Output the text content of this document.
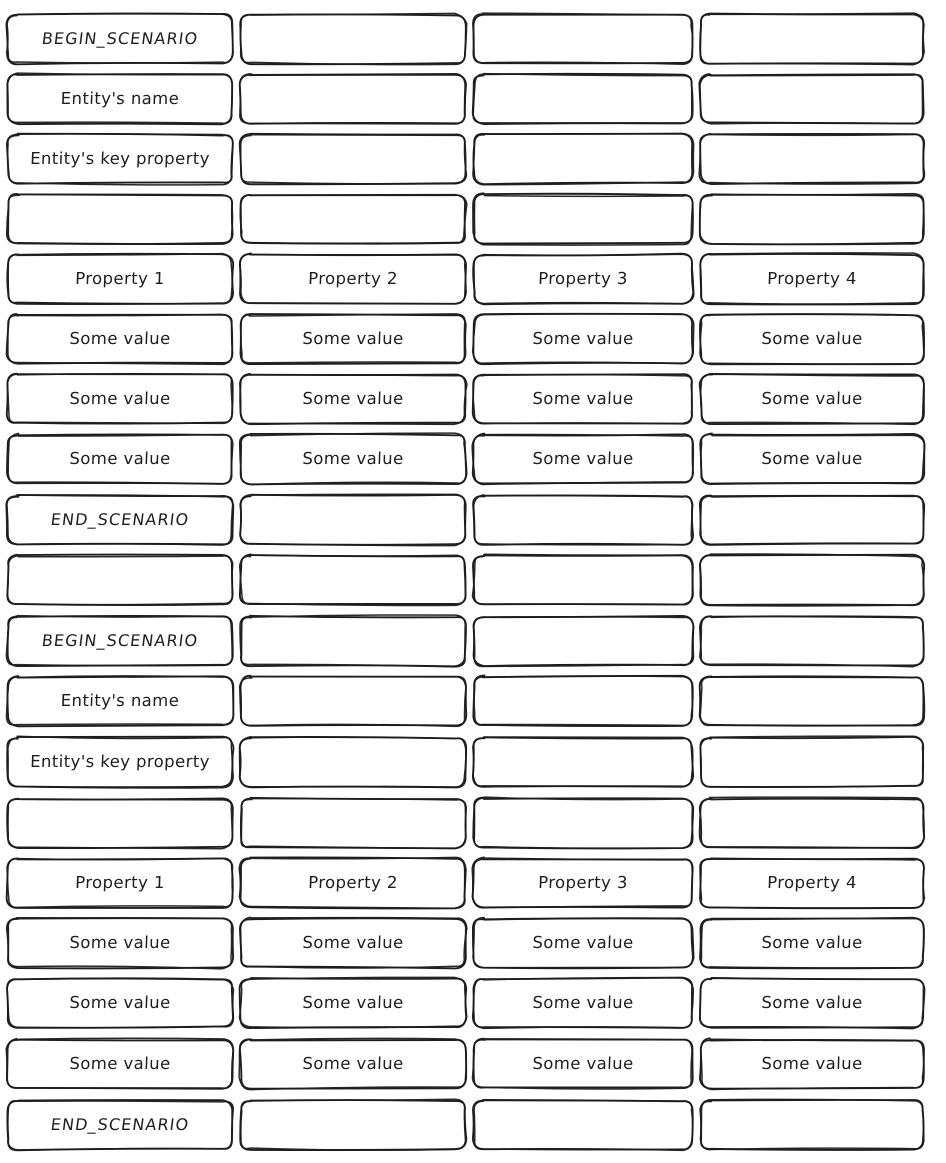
BEGIN_SCENARIO
Entity's name
Entity's key property
Property 1	Property 2	Property 3	Property 4
Some value	Some value	Some value	Some value
Some value	Some value	Some value	Some value
Some value	Some value	Some value	Some value
END_SCENARIO
BEGIN_SCENARIO
Entity's name
Entity's key property
Property 1	Property 2	Property 3	Property 4
Some value	Some value	Some value	Some value
Some value	Some value	Some value	Some value
Some value	Some value	Some value	Some value
END_SCENARIO
